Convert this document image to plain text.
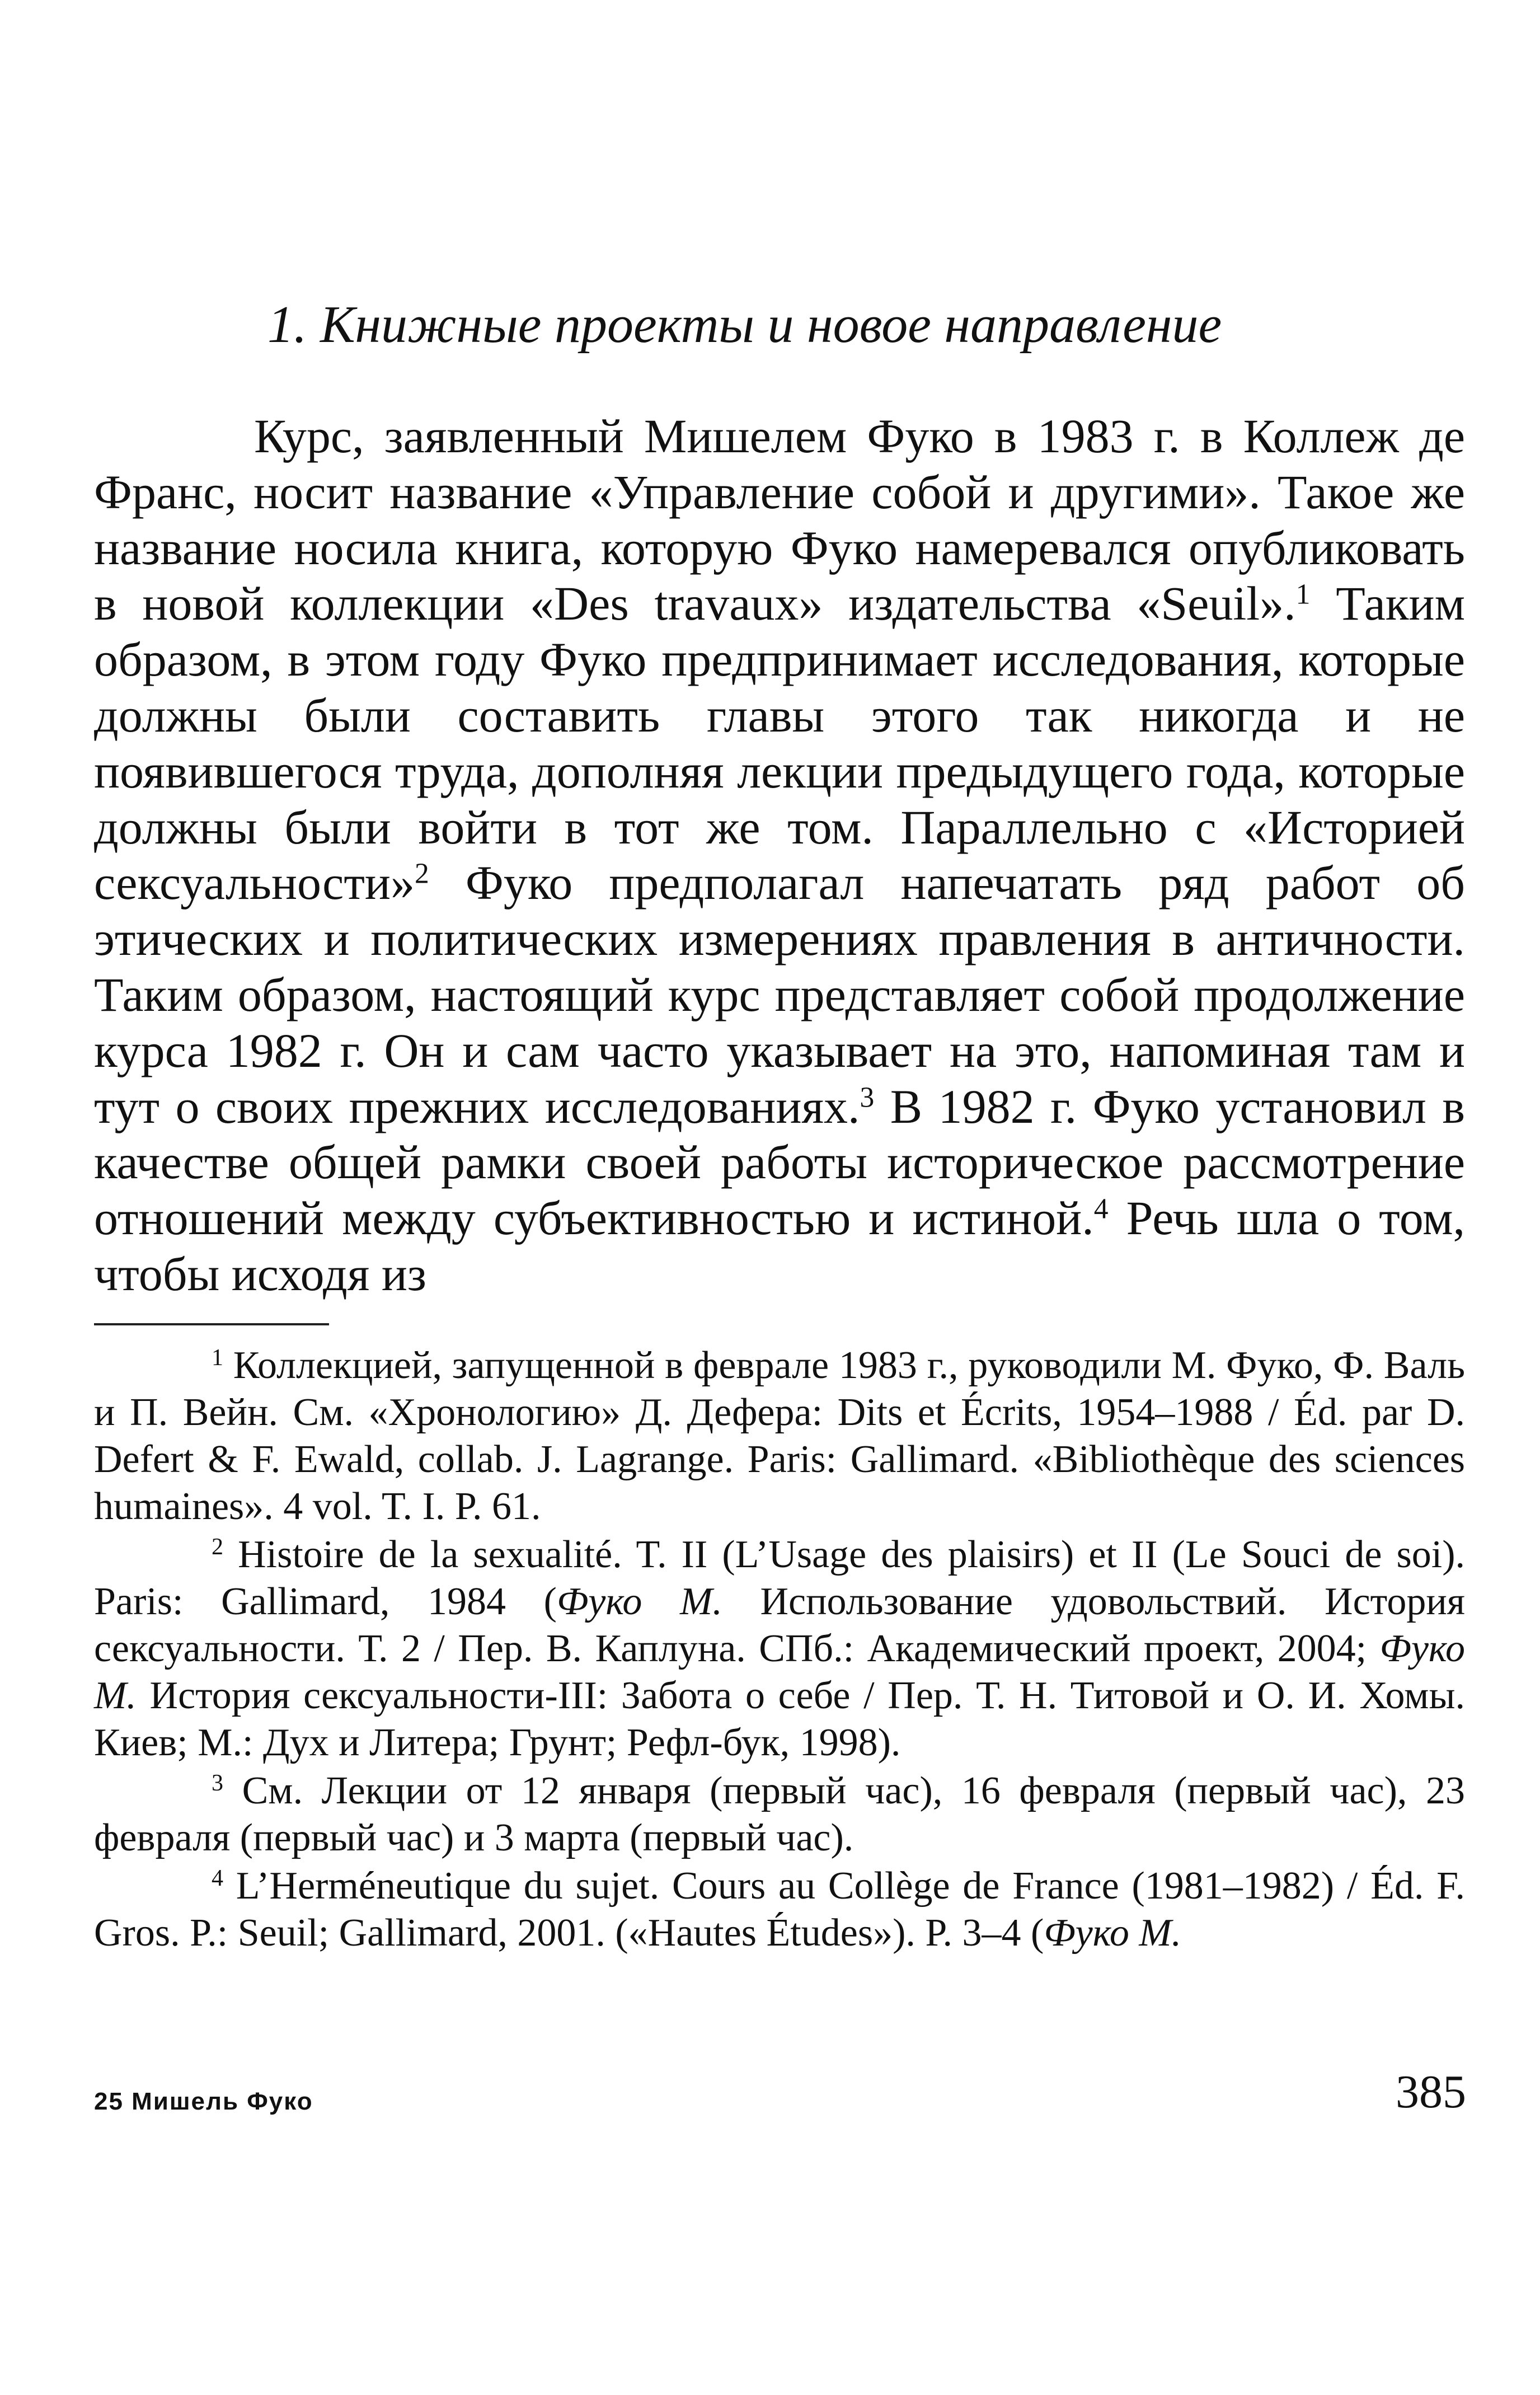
1. Книжные проекты и новое направление

Курс, заявленный Мишелем Фуко в 1983 г. в Коллеж де Франс, носит название «Управление собой и другими». Такое же название носила книга, которую Фуко намеревался опубликовать в новой коллекции «Des travaux» издательства «Seuil».$^1$ Таким образом, в этом году Фуко предпринимает исследования, которые должны были составить главы этого так никогда и не появившегося труда, дополняя лекции предыдущего года, которые должны были войти в тот же том. Параллельно с «Историей сексуальности»$^2$ Фуко предполагал напечатать ряд работ об этических и политических измерениях правления в античности. Таким образом, настоящий курс представляет собой продолжение курса 1982 г. Он и сам часто указывает на это, напоминая там и тут о своих прежних исследованиях.$^3$ В 1982 г. Фуко установил в качестве общей рамки своей работы историческое рассмотрение отношений между субъективностью и истиной.$^4$ Речь шла о том, чтобы исходя из

$^1$ Коллекцией, запущенной в феврале 1983 г., руководили М. Фуко, Ф. Валь и П. Вейн. См. «Хронологию» Д. Дефера: Dits et Écrits, 1954–1988 / Éd. par D. Defert & F. Ewald, collab. J. Lagrange. Paris: Gallimard. «Bibliothèque des sciences humaines». 4 vol. T. I. P. 61.

$^2$ Histoire de la sexualité. T. II (L’Usage des plaisirs) et II (Le Souci de soi). Paris: Gallimard, 1984 (Фуко М. Использование удовольствий. История сексуальности. Т. 2 / Пер. В. Каплуна. СПб.: Академический проект, 2004; Фуко М. История сексуальности-III: Забота о себе / Пер. Т. Н. Титовой и О. И. Хомы. Киев; М.: Дух и Литера; Грунт; Рефл-бук, 1998).

$^3$ См. Лекции от 12 января (первый час), 16 февраля (первый час), 23 февраля (первый час) и 3 марта (первый час).

$^4$ L’Herméneutique du sujet. Cours au Collège de France (1981–1982) / Éd. F. Gros. P.: Seuil; Gallimard, 2001. («Hautes Études»). P. 3–4 (Фуко М.

25 Мишель Фуко	385
